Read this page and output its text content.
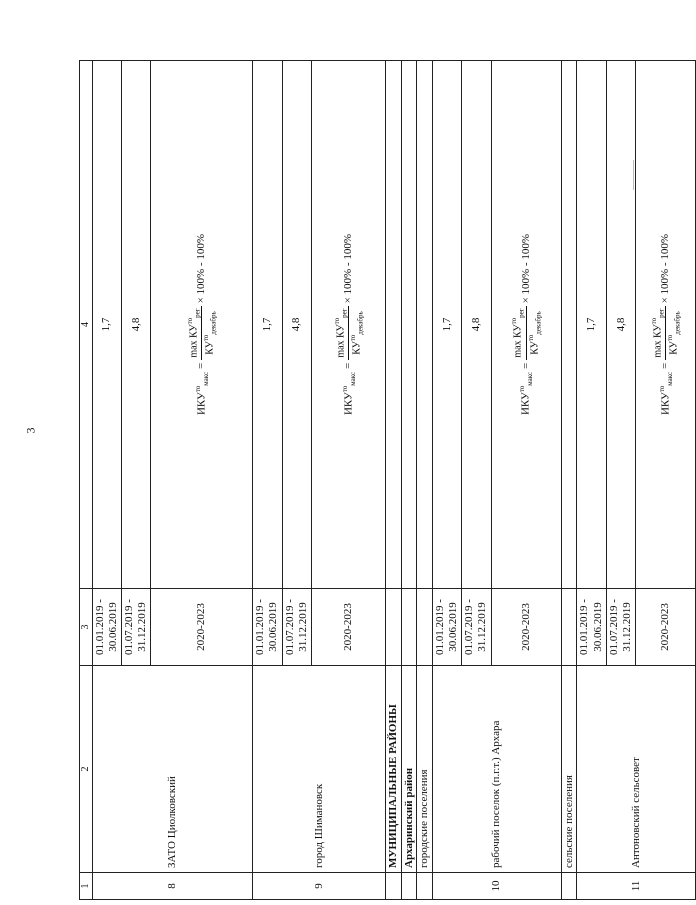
3
1	2	3	4
8	ЗАТО Циолковский	01.01.2019 - 30.06.2019	1,7
		01.07.2019 - 31.12.2019	4,8
		2020-2023	$ИКУ^{то}_{макс}$
=
$\max КУ^{то}_{рег}$
$КУ^{то}_{декабрь}$
× 100% - 100%

9	город Шимановск	01.01.2019 - 30.06.2019	1,7
		01.07.2019 - 31.12.2019	4,8
		2020-2023	$ИКУ^{то}_{макс}$
=
$\max КУ^{то}_{рег}$
$КУ^{то}_{декабрь}$
× 100% - 100%

	МУНИЦИПАЛЬНЫЕ РАЙОНЫ		
	Архаринский район		
	городские поселения		
10	рабочий поселок (п.г.т.) Архара	01.01.2019 - 30.06.2019	1,7
		01.07.2019 - 31.12.2019	4,8
		2020-2023	$ИКУ^{то}_{макс}$
=
$\max КУ^{то}_{рег}$
$КУ^{то}_{декабрь}$
× 100% - 100%

	сельские поселения		
11	Антоновский сельсовет	01.01.2019 - 30.06.2019	1,7
		01.07.2019 - 31.12.2019	4,8
		2020-2023	$ИКУ^{то}_{макс}$
=
$\max КУ^{то}_{рег}$
$КУ^{то}_{декабрь}$
× 100% - 100%
